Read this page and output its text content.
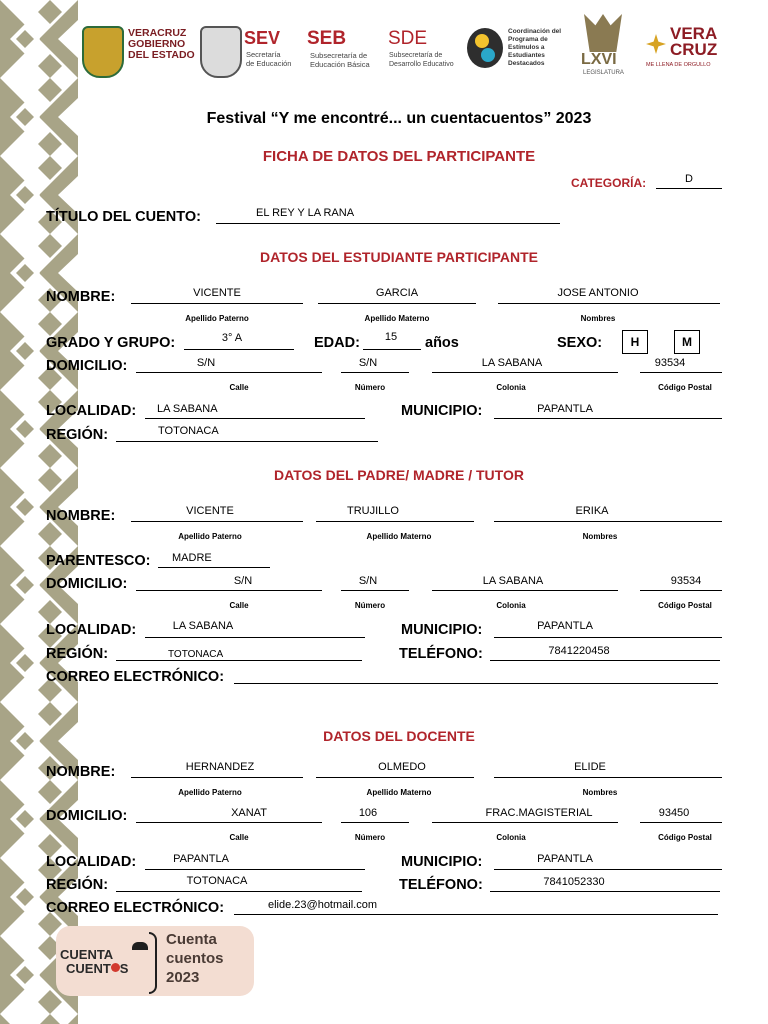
VERACRUZ
GOBIERNO
DEL ESTADO
SEV
Secretaría
de Educación
SEB
Subsecretaría de
Educación Básica
SDE
Subsecretaría de
Desarrollo Educativo
Coordinación del
Programa de
Estímulos a
Estudiantes
Destacados	LXVI
LEGISLATURA
VERA
CRUZ
ME LLENA DE ORGULLO
Festival “Y me encontré... un cuentacuentos” 2023
FICHA DE DATOS DEL PARTICIPANTE
CATEGORÍA:	D
TÍTULO DEL CUENTO:	EL REY Y LA RANA
DATOS DEL ESTUDIANTE PARTICIPANTE
NOMBRE:	VICENTE	GARCIA	JOSE ANTONIO
Apellido Paterno	Apellido Materno	Nombres
GRADO Y GRUPO:	3° A	EDAD:	15	años	SEXO:	H	M
DOMICILIO:	S/N	S/N	LA SABANA	93534
Calle	Número	Colonia	Código Postal
LOCALIDAD: LA SABANA	MUNICIPIO:	PAPANTLA
REGIÓN:	TOTONACA
DATOS DEL PADRE/ MADRE / TUTOR
NOMBRE:	VICENTE	TRUJILLO	ERIKA
Apellido Paterno	Apellido Materno	Nombres
PARENTESCO: MADRE
DOMICILIO:	S/N	S/N	LA SABANA	93534
Calle	Número	Colonia	Código Postal
LOCALIDAD:	LA SABANA	MUNICIPIO:	PAPANTLA
REGIÓN:	TOTONACA	TELÉFONO:	7841220458
CORREO ELECTRÓNICO:
DATOS DEL DOCENTE
NOMBRE:	HERNANDEZ	OLMEDO	ELIDE
Apellido Paterno	Apellido Materno	Nombres
DOMICILIO:	XANAT	106	FRAC.MAGISTERIAL	93450
Calle	Número	Colonia	Código Postal
LOCALIDAD:	PAPANTLA	MUNICIPIO:	PAPANTLA
REGIÓN:	TOTONACA	TELÉFONO:	7841052330
CORREO ELECTRÓNICO:	elide.23@hotmail.com
CUENTA
CUENT S
Cuenta
cuentos
2023
